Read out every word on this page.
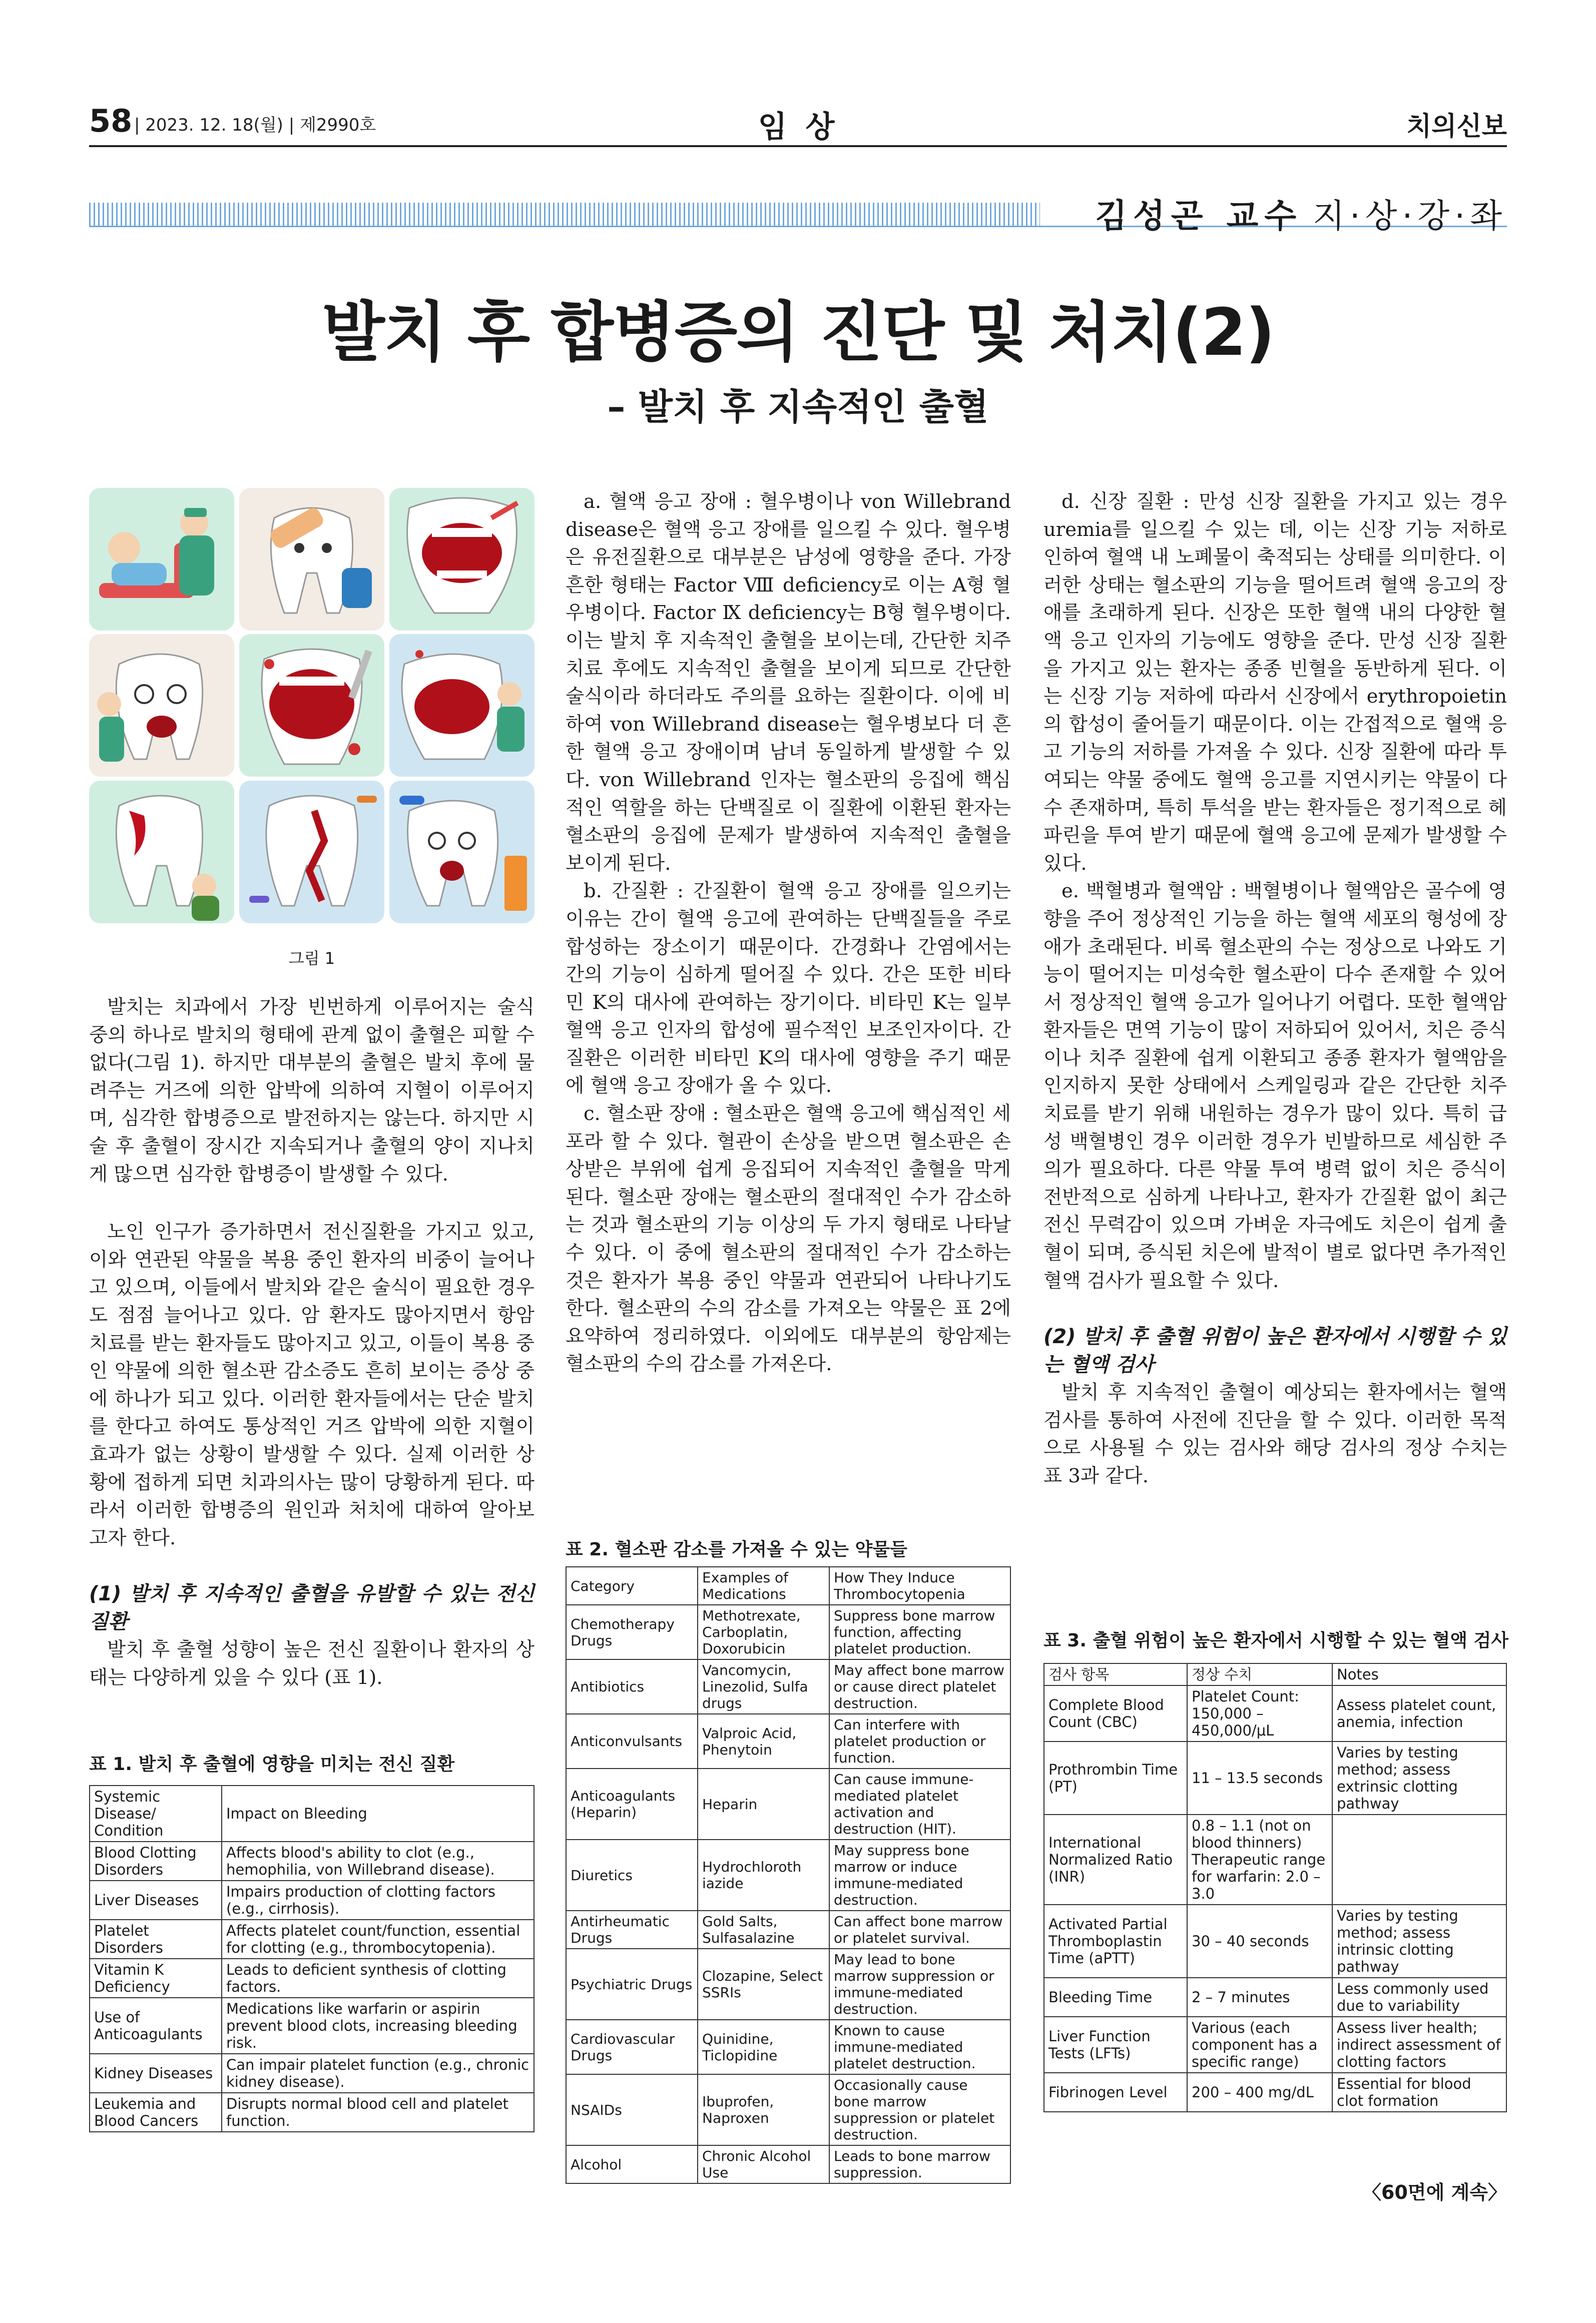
58 | 2023. 12. 18(월) | 제2990호	임 상	치의신보
김성곤 교수 지·상·강·좌
발치 후 합병증의 진단 및 처치(2)
– 발치 후 지속적인 출혈
그림 1

발치는 치과에서 가장 빈번하게 이루어지는 술식 중의 하나로 발치의 형태에 관계 없이 출혈은 피할 수 없다(그림 1). 하지만 대부분의 출혈은 발치 후에 물려주는 거즈에 의한 압박에 의하여 지혈이 이루어지며, 심각한 합병증으로 발전하지는 않는다. 하지만 시술 후 출혈이 장시간 지속되거나 출혈의 양이 지나치게 많으면 심각한 합병증이 발생할 수 있다.

노인 인구가 증가하면서 전신질환을 가지고 있고, 이와 연관된 약물을 복용 중인 환자의 비중이 늘어나고 있으며, 이들에서 발치와 같은 술식이 필요한 경우도 점점 늘어나고 있다. 암 환자도 많아지면서 항암 치료를 받는 환자들도 많아지고 있고, 이들이 복용 중인 약물에 의한 혈소판 감소증도 흔히 보이는 증상 중에 하나가 되고 있다. 이러한 환자들에서는 단순 발치를 한다고 하여도 통상적인 거즈 압박에 의한 지혈이 효과가 없는 상황이 발생할 수 있다. 실제 이러한 상황에 접하게 되면 치과의사는 많이 당황하게 된다. 따라서 이러한 합병증의 원인과 처치에 대하여 알아보고자 한다.

(1) 발치 후 지속적인 출혈을 유발할 수 있는 전신질환

발치 후 출혈 성향이 높은 전신 질환이나 환자의 상태는 다양하게 있을 수 있다 (표 1).

표 1. 발치 후 출혈에 영향을 미치는 전신 질환
Systemic Disease/ Condition	Impact on Bleeding
Blood Clotting Disorders	Affects blood's ability to clot (e.g., hemophilia, von Willebrand disease).
Liver Diseases	Impairs production of clotting factors (e.g., cirrhosis).
Platelet Disorders	Affects platelet count/function, essential for clotting (e.g., thrombocytopenia).
Vitamin K Deficiency	Leads to deficient synthesis of clotting factors.
Use of Anticoagulants	Medications like warfarin or aspirin prevent blood clots, increasing bleeding risk.
Kidney Diseases	Can impair platelet function (e.g., chronic kidney disease).
Leukemia and Blood Cancers	Disrupts normal blood cell and platelet function.

a. 혈액 응고 장애 : 혈우병이나 von Willebrand disease은 혈액 응고 장애를 일으킬 수 있다. 혈우병은 유전질환으로 대부분은 남성에 영향을 준다. 가장 흔한 형태는 Factor Ⅷ deficiency로 이는 A형 혈우병이다. Factor Ⅸ deficiency는 B형 혈우병이다. 이는 발치 후 지속적인 출혈을 보이는데, 간단한 치주 치료 후에도 지속적인 출혈을 보이게 되므로 간단한 술식이라 하더라도 주의를 요하는 질환이다. 이에 비하여 von Willebrand disease는 혈우병보다 더 흔한 혈액 응고 장애이며 남녀 동일하게 발생할 수 있다. von Willebrand 인자는 혈소판의 응집에 핵심적인 역할을 하는 단백질로 이 질환에 이환된 환자는 혈소판의 응집에 문제가 발생하여 지속적인 출혈을 보이게 된다.

b. 간질환 : 간질환이 혈액 응고 장애를 일으키는 이유는 간이 혈액 응고에 관여하는 단백질들을 주로 합성하는 장소이기 때문이다. 간경화나 간염에서는 간의 기능이 심하게 떨어질 수 있다. 간은 또한 비타민 K의 대사에 관여하는 장기이다. 비타민 K는 일부 혈액 응고 인자의 합성에 필수적인 보조인자이다. 간질환은 이러한 비타민 K의 대사에 영향을 주기 때문에 혈액 응고 장애가 올 수 있다.

c. 혈소판 장애 : 혈소판은 혈액 응고에 핵심적인 세포라 할 수 있다. 혈관이 손상을 받으면 혈소판은 손상받은 부위에 쉽게 응집되어 지속적인 출혈을 막게 된다. 혈소판 장애는 혈소판의 절대적인 수가 감소하는 것과 혈소판의 기능 이상의 두 가지 형태로 나타날 수 있다. 이 중에 혈소판의 절대적인 수가 감소하는 것은 환자가 복용 중인 약물과 연관되어 나타나기도 한다. 혈소판의 수의 감소를 가져오는 약물은 표 2에 요약하여 정리하였다. 이외에도 대부분의 항암제는 혈소판의 수의 감소를 가져온다.

표 2. 혈소판 감소를 가져올 수 있는 약물들
Category	Examples of Medications	How They Induce Thrombocytopenia
Chemotherapy Drugs	Methotrexate, Carboplatin, Doxorubicin	Suppress bone marrow function, affecting platelet production.
Antibiotics	Vancomycin, Linezolid, Sulfa drugs	May affect bone marrow or cause direct platelet destruction.
Anticonvulsants	Valproic Acid, Phenytoin	Can interfere with platelet production or function.
Anticoagulants (Heparin)	Heparin	Can cause immune-mediated platelet activation and destruction (HIT).
Diuretics	Hydrochloroth iazide	May suppress bone marrow or induce immune-mediated destruction.
Antirheumatic Drugs	Gold Salts, Sulfasalazine	Can affect bone marrow or platelet survival.
Psychiatric Drugs	Clozapine, Select SSRIs	May lead to bone marrow suppression or immune-mediated destruction.
Cardiovascular Drugs	Quinidine, Ticlopidine	Known to cause immune-mediated platelet destruction.
NSAIDs	Ibuprofen, Naproxen	Occasionally cause bone marrow suppression or platelet destruction.
Alcohol	Chronic Alcohol Use	Leads to bone marrow suppression.

d. 신장 질환 : 만성 신장 질환을 가지고 있는 경우 uremia를 일으킬 수 있는 데, 이는 신장 기능 저하로 인하여 혈액 내 노폐물이 축적되는 상태를 의미한다. 이러한 상태는 혈소판의 기능을 떨어트려 혈액 응고의 장애를 초래하게 된다. 신장은 또한 혈액 내의 다양한 혈액 응고 인자의 기능에도 영향을 준다. 만성 신장 질환을 가지고 있는 환자는 종종 빈혈을 동반하게 된다. 이는 신장 기능 저하에 따라서 신장에서 erythropoietin의 합성이 줄어들기 때문이다. 이는 간접적으로 혈액 응고 기능의 저하를 가져올 수 있다. 신장 질환에 따라 투여되는 약물 중에도 혈액 응고를 지연시키는 약물이 다수 존재하며, 특히 투석을 받는 환자들은 정기적으로 헤파린을 투여 받기 때문에 혈액 응고에 문제가 발생할 수 있다.

e. 백혈병과 혈액암 : 백혈병이나 혈액암은 골수에 영향을 주어 정상적인 기능을 하는 혈액 세포의 형성에 장애가 초래된다. 비록 혈소판의 수는 정상으로 나와도 기능이 떨어지는 미성숙한 혈소판이 다수 존재할 수 있어서 정상적인 혈액 응고가 일어나기 어렵다. 또한 혈액암 환자들은 면역 기능이 많이 저하되어 있어서, 치은 증식이나 치주 질환에 쉽게 이환되고 종종 환자가 혈액암을 인지하지 못한 상태에서 스케일링과 같은 간단한 치주 치료를 받기 위해 내원하는 경우가 많이 있다. 특히 급성 백혈병인 경우 이러한 경우가 빈발하므로 세심한 주의가 필요하다. 다른 약물 투여 병력 없이 치은 증식이 전반적으로 심하게 나타나고, 환자가 간질환 없이 최근 전신 무력감이 있으며 가벼운 자극에도 치은이 쉽게 출혈이 되며, 증식된 치은에 발적이 별로 없다면 추가적인 혈액 검사가 필요할 수 있다.

(2) 발치 후 출혈 위험이 높은 환자에서 시행할 수 있는 혈액 검사

발치 후 지속적인 출혈이 예상되는 환자에서는 혈액 검사를 통하여 사전에 진단을 할 수 있다. 이러한 목적으로 사용될 수 있는 검사와 해당 검사의 정상 수치는 표 3과 같다.

표 3. 출혈 위험이 높은 환자에서 시행할 수 있는 혈액 검사
검사 항목	정상 수치	Notes
Complete Blood Count (CBC)	Platelet Count: 150,000 – 450,000/μL	Assess platelet count, anemia, infection
Prothrombin Time (PT)	11 – 13.5 seconds	Varies by testing method; assess extrinsic clotting pathway
International Normalized Ratio (INR)	0.8 – 1.1 (not on blood thinners) Therapeutic range for warfarin: 2.0 – 3.0	
Activated Partial Thromboplastin Time (aPTT)	30 – 40 seconds	Varies by testing method; assess intrinsic clotting pathway
Bleeding Time	2 – 7 minutes	Less commonly used due to variability
Liver Function Tests (LFTs)	Various (each component has a specific range)	Assess liver health; indirect assessment of clotting factors
Fibrinogen Level	200 – 400 mg/dL	Essential for blood clot formation
〈60면에 계속〉
